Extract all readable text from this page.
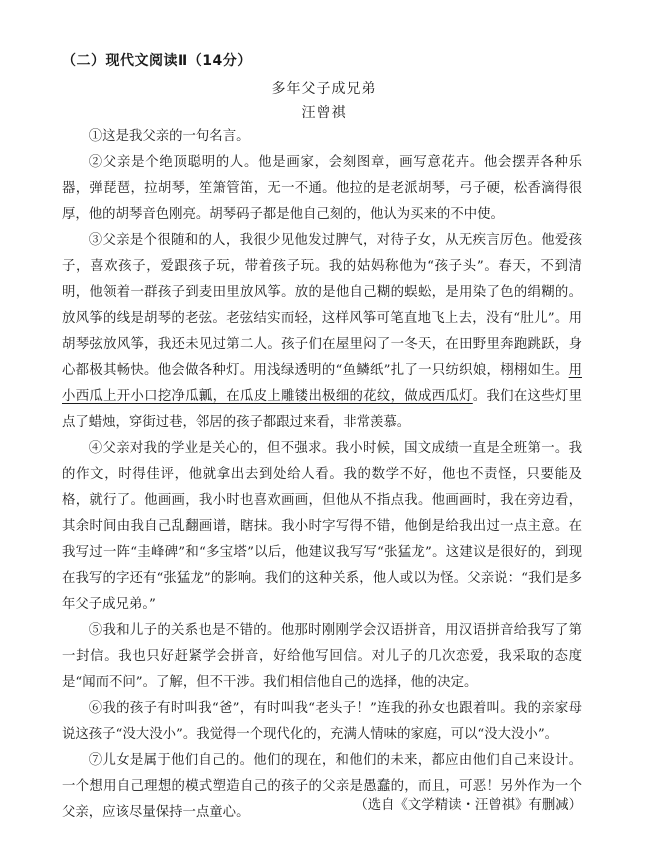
（二）现代文阅读Ⅱ（14分）
多年父子成兄弟
汪曾祺

①这是我父亲的一句名言。

②父亲是个绝顶聪明的人。他是画家，会刻图章，画写意花卉。他会摆弄各种乐器，弹琵琶，拉胡琴，笙箫管笛，无一不通。他拉的是老派胡琴，弓子硬，松香滴得很厚，他的胡琴音色刚亮。胡琴码子都是他自己刻的，他认为买来的不中使。

③父亲是个很随和的人，我很少见他发过脾气，对待子女，从无疾言厉色。他爱孩子，喜欢孩子，爱跟孩子玩，带着孩子玩。我的姑妈称他为“孩子头”。春天，不到清明，他领着一群孩子到麦田里放风筝。放的是他自己糊的蜈蚣，是用染了色的绢糊的。放风筝的线是胡琴的老弦。老弦结实而轻，这样风筝可笔直地飞上去，没有“肚儿”。用胡琴弦放风筝，我还未见过第二人。孩子们在屋里闷了一冬天，在田野里奔跑跳跃，身心都极其畅快。他会做各种灯。用浅绿透明的“鱼鳞纸”扎了一只纺织娘，栩栩如生。用小西瓜上开小口挖净瓜瓤，在瓜皮上雕镂出极细的花纹，做成西瓜灯。我们在这些灯里点了蜡烛，穿街过巷，邻居的孩子都跟过来看，非常羡慕。

④父亲对我的学业是关心的，但不强求。我小时候，国文成绩一直是全班第一。我的作文，时得佳评，他就拿出去到处给人看。我的数学不好，他也不责怪，只要能及格，就行了。他画画，我小时也喜欢画画，但他从不指点我。他画画时，我在旁边看，其余时间由我自己乱翻画谱，瞎抹。我小时字写得不错，他倒是给我出过一点主意。在我写过一阵“圭峰碑”和“多宝塔”以后，他建议我写写“张猛龙”。这建议是很好的，到现在我写的字还有“张猛龙”的影响。我们的这种关系，他人或以为怪。父亲说：“我们是多年父子成兄弟。”

⑤我和儿子的关系也是不错的。他那时刚刚学会汉语拼音，用汉语拼音给我写了第一封信。我也只好赶紧学会拼音，好给他写回信。对儿子的几次恋爱，我采取的态度是“闻而不问”。了解，但不干涉。我们相信他自己的选择，他的决定。

⑥我的孩子有时叫我“爸”，有时叫我“老头子！”连我的孙女也跟着叫。我的亲家母说这孩子“没大没小”。我觉得一个现代化的，充满人情味的家庭，可以“没大没小”。

⑦儿女是属于他们自己的。他们的现在，和他们的未来，都应由他们自己来设计。一个想用自己理想的模式塑造自己的孩子的父亲是愚蠢的，而且，可恶！另外作为一个父亲，应该尽量保持一点童心。	（选自《文学精读・汪曾祺》有删减）
